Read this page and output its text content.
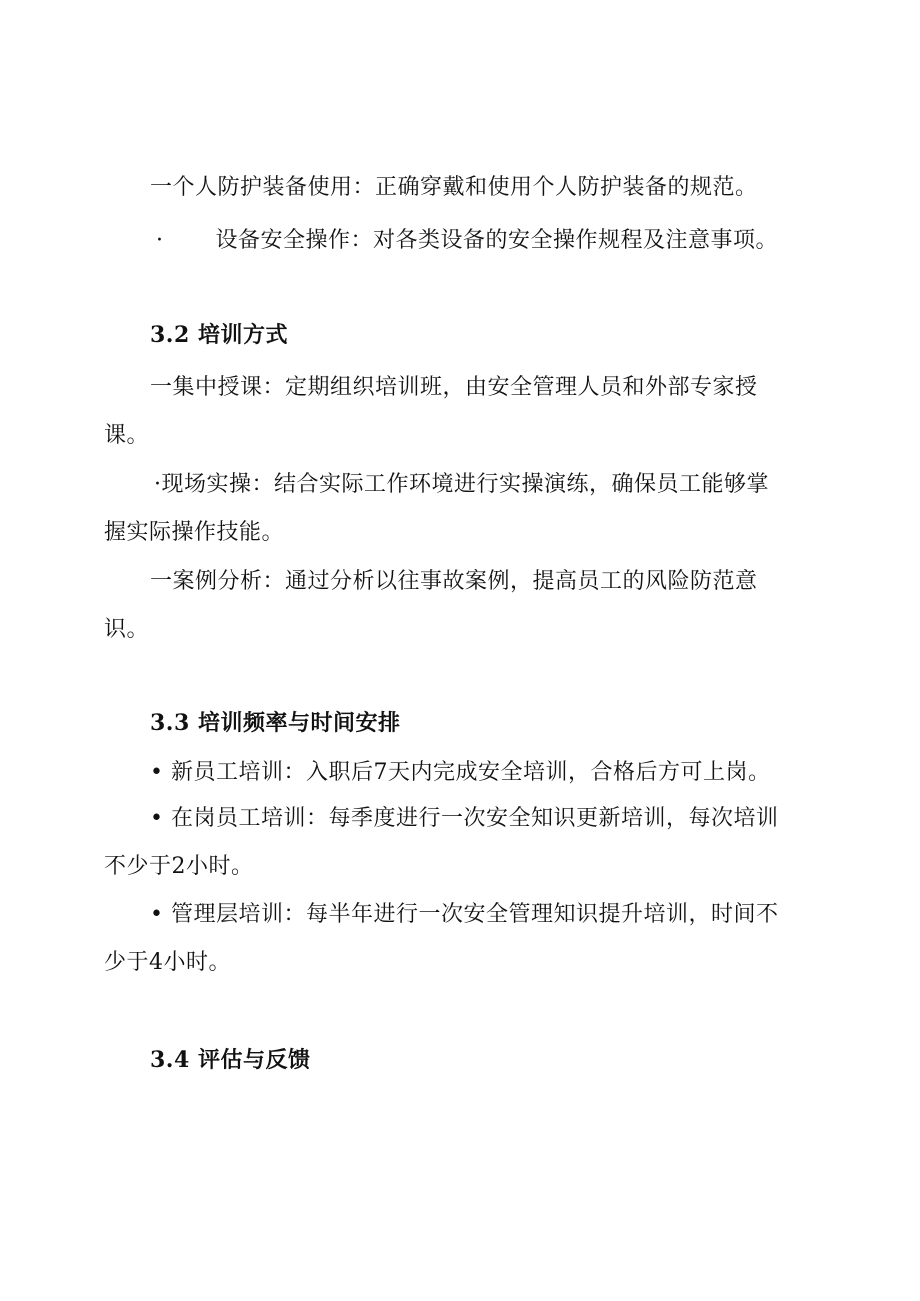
一个人防护装备使用：正确穿戴和使用个人防护装备的规范。
· 设备安全操作：对各类设备的安全操作规程及注意事项。
3.2 培训方式
一集中授课：定期组织培训班，由安全管理人员和外部专家授
课。
·现场实操：结合实际工作环境进行实操演练，确保员工能够掌
握实际操作技能。
一案例分析：通过分析以往事故案例，提高员工的风险防范意
识。
3.3 培训频率与时间安排
• 新员工培训：入职后7天内完成安全培训，合格后方可上岗。
• 在岗员工培训：每季度进行一次安全知识更新培训，每次培训
不少于2小时。
• 管理层培训：每半年进行一次安全管理知识提升培训，时间不
少于4小时。
3.4 评估与反馈
